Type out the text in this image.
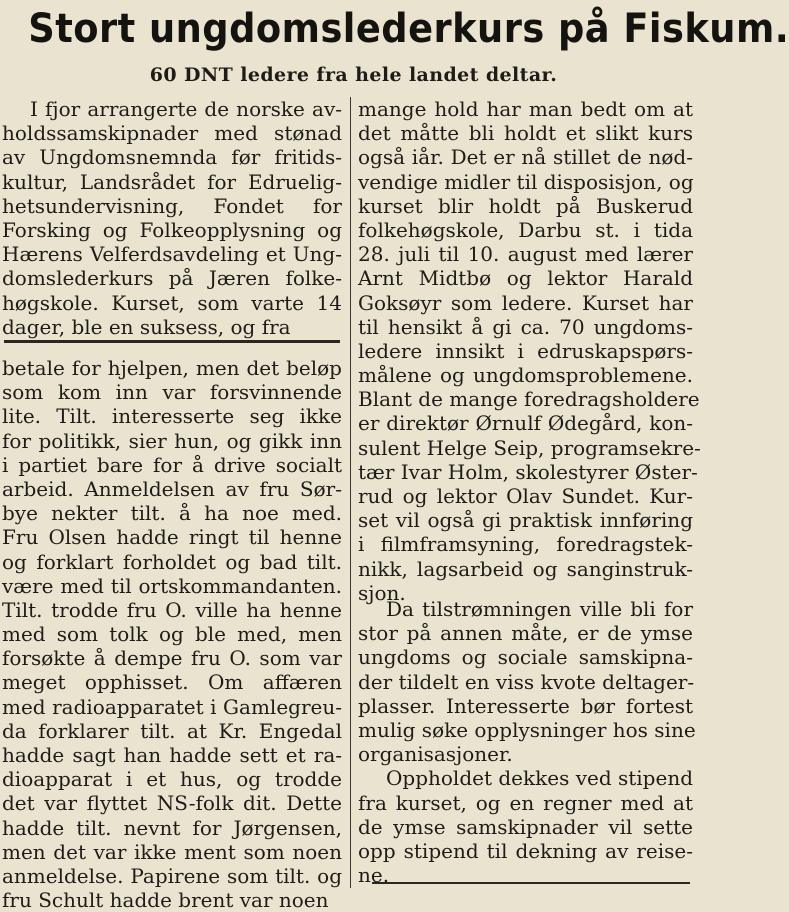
Stort ungdomslederkurs på Fiskum.
60 DNT ledere fra hele landet deltar.
I fjor arrangerte de norske av-
holdssamskipnader med stønad
av Ungdomsnemnda før fritids-
kultur, Landsrådet for Edruelig-
hetsundervisning, Fondet for
Forsking og Folkeopplysning og
Hærens Velferdsavdeling et Ung-
domslederkurs på Jæren folke-
høgskole. Kurset, som varte 14
dager, ble en suksess, og fra
betale for hjelpen, men det beløp
som kom inn var forsvinnende
lite. Tilt. interesserte seg ikke
for politikk, sier hun, og gikk inn
i partiet bare for å drive socialt
arbeid. Anmeldelsen av fru Sør-
bye nekter tilt. å ha noe med.
Fru Olsen hadde ringt til henne
og forklart forholdet og bad tilt.
være med til ortskommandanten.
Tilt. trodde fru O. ville ha henne
med som tolk og ble med, men
forsøkte å dempe fru O. som var
meget opphisset. Om affæren
med radioapparatet i Gamlegreu-
da forklarer tilt. at Kr. Engedal
hadde sagt han hadde sett et ra-
dioapparat i et hus, og trodde
det var flyttet NS-folk dit. Dette
hadde tilt. nevnt for Jørgensen,
men det var ikke ment som noen
anmeldelse. Papirene som tilt. og
fru Schult hadde brent var noen
mange hold har man bedt om at
det måtte bli holdt et slikt kurs
også iår. Det er nå stillet de nød-
vendige midler til disposisjon, og
kurset blir holdt på Buskerud
folkehøgskole, Darbu st. i tida
28. juli til 10. august med lærer
Arnt Midtbø og lektor Harald
Goksøyr som ledere. Kurset har
til hensikt å gi ca. 70 ungdoms-
ledere innsikt i edruskapspørs-
målene og ungdomsproblemene.
Blant de mange foredragsholdere
er direktør Ørnulf Ødegård, kon-
sulent Helge Seip, programsekre-
tær Ivar Holm, skolestyrer Øster-
rud og lektor Olav Sundet. Kur-
set vil også gi praktisk innføring
i filmframsyning, foredragstek-
nikk, lagsarbeid og sanginstruk-
sjon.
Da tilstrømningen ville bli for
stor på annen måte, er de ymse
ungdoms og sociale samskipna-
der tildelt en viss kvote deltager-
plasser. Interesserte bør fortest
mulig søke opplysninger hos sine
organisasjoner.
Oppholdet dekkes ved stipend
fra kurset, og en regner med at
de ymse samskipnader vil sette
opp stipend til dekning av reise-
ne.
